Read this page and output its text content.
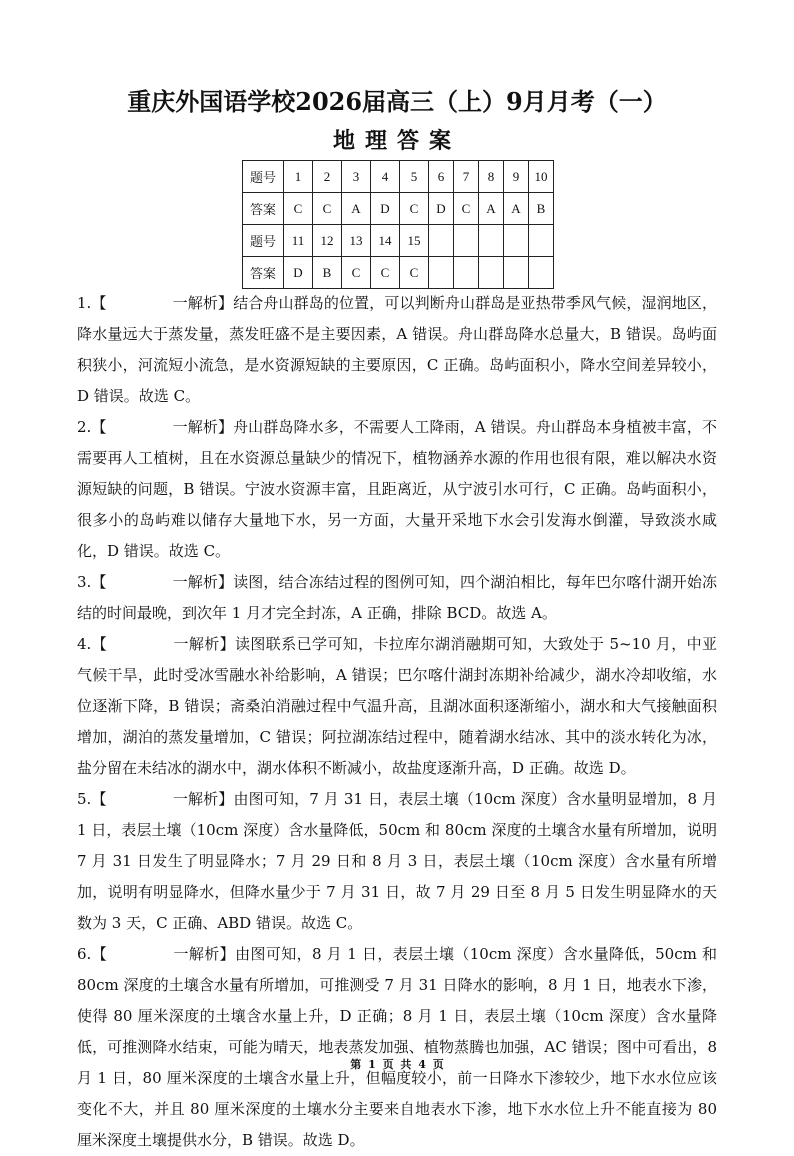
重庆外国语学校2026届高三（上）9月月考（一）
地理答案
题号	1	2	3	4	5	6	7	8	9	10
答案	C	C	A	D	C	D	C	A	A	B
题号	11	12	13	14	15					
答案	D	B	C	C	C					

1.【	一解析】结合舟山群岛的位置，可以判断舟山群岛是亚热带季风气候，湿润地区，降水量远大于蒸发量，蒸发旺盛不是主要因素，A 错误。舟山群岛降水总量大，B 错误。岛屿面积狭小，河流短小流急，是水资源短缺的主要原因，C 正确。岛屿面积小，降水空间差异较小，D 错误。故选 C。

2.【	一解析】舟山群岛降水多，不需要人工降雨，A 错误。舟山群岛本身植被丰富，不需要再人工植树，且在水资源总量缺少的情况下，植物涵养水源的作用也很有限，难以解决水资源短缺的问题，B 错误。宁波水资源丰富，且距离近，从宁波引水可行，C 正确。岛屿面积小，很多小的岛屿难以储存大量地下水，另一方面，大量开采地下水会引发海水倒灌，导致淡水咸化，D 错误。故选 C。

3.【	一解析】读图，结合冻结过程的图例可知，四个湖泊相比，每年巴尔喀什湖开始冻结的时间最晚，到次年 1 月才完全封冻，A 正确，排除 BCD。故选 A。

4.【	一解析】读图联系已学可知，卡拉库尔湖消融期可知，大致处于 5~10 月，中亚气候干旱，此时受冰雪融水补给影响，A 错误；巴尔喀什湖封冻期补给减少，湖水冷却收缩，水位逐渐下降，B 错误；斋桑泊消融过程中气温升高，且湖冰面积逐渐缩小，湖水和大气接触面积增加，湖泊的蒸发量增加，C 错误；阿拉湖冻结过程中，随着湖水结冰、其中的淡水转化为冰，盐分留在未结冰的湖水中，湖水体积不断减小，故盐度逐渐升高，D 正确。故选 D。

5.【	一解析】由图可知，7 月 31 日，表层土壤（10cm 深度）含水量明显增加，8 月 1 日，表层土壤（10cm 深度）含水量降低，50cm 和 80cm 深度的土壤含水量有所增加，说明 7 月 31 日发生了明显降水；7 月 29 日和 8 月 3 日，表层土壤（10cm 深度）含水量有所增加，说明有明显降水，但降水量少于 7 月 31 日，故 7 月 29 日至 8 月 5 日发生明显降水的天数为 3 天，C 正确、ABD 错误。故选 C。

6.【	一解析】由图可知，8 月 1 日，表层土壤（10cm 深度）含水量降低，50cm 和 80cm 深度的土壤含水量有所增加，可推测受 7 月 31 日降水的影响，8 月 1 日，地表水下渗，使得 80 厘米深度的土壤含水量上升，D 正确；8 月 1 日，表层土壤（10cm 深度）含水量降低，可推测降水结束，可能为晴天，地表蒸发加强、植物蒸腾也加强，AC 错误；图中可看出，8 月 1 日，80 厘米深度的土壤含水量上升，但幅度较小，前一日降水下渗较少，地下水水位应该变化不大，并且 80 厘米深度的土壤水分主要来自地表水下渗，地下水水位上升不能直接为 80 厘米深度土壤提供水分，B 错误。故选 D。

第 1 页 共 4 页
